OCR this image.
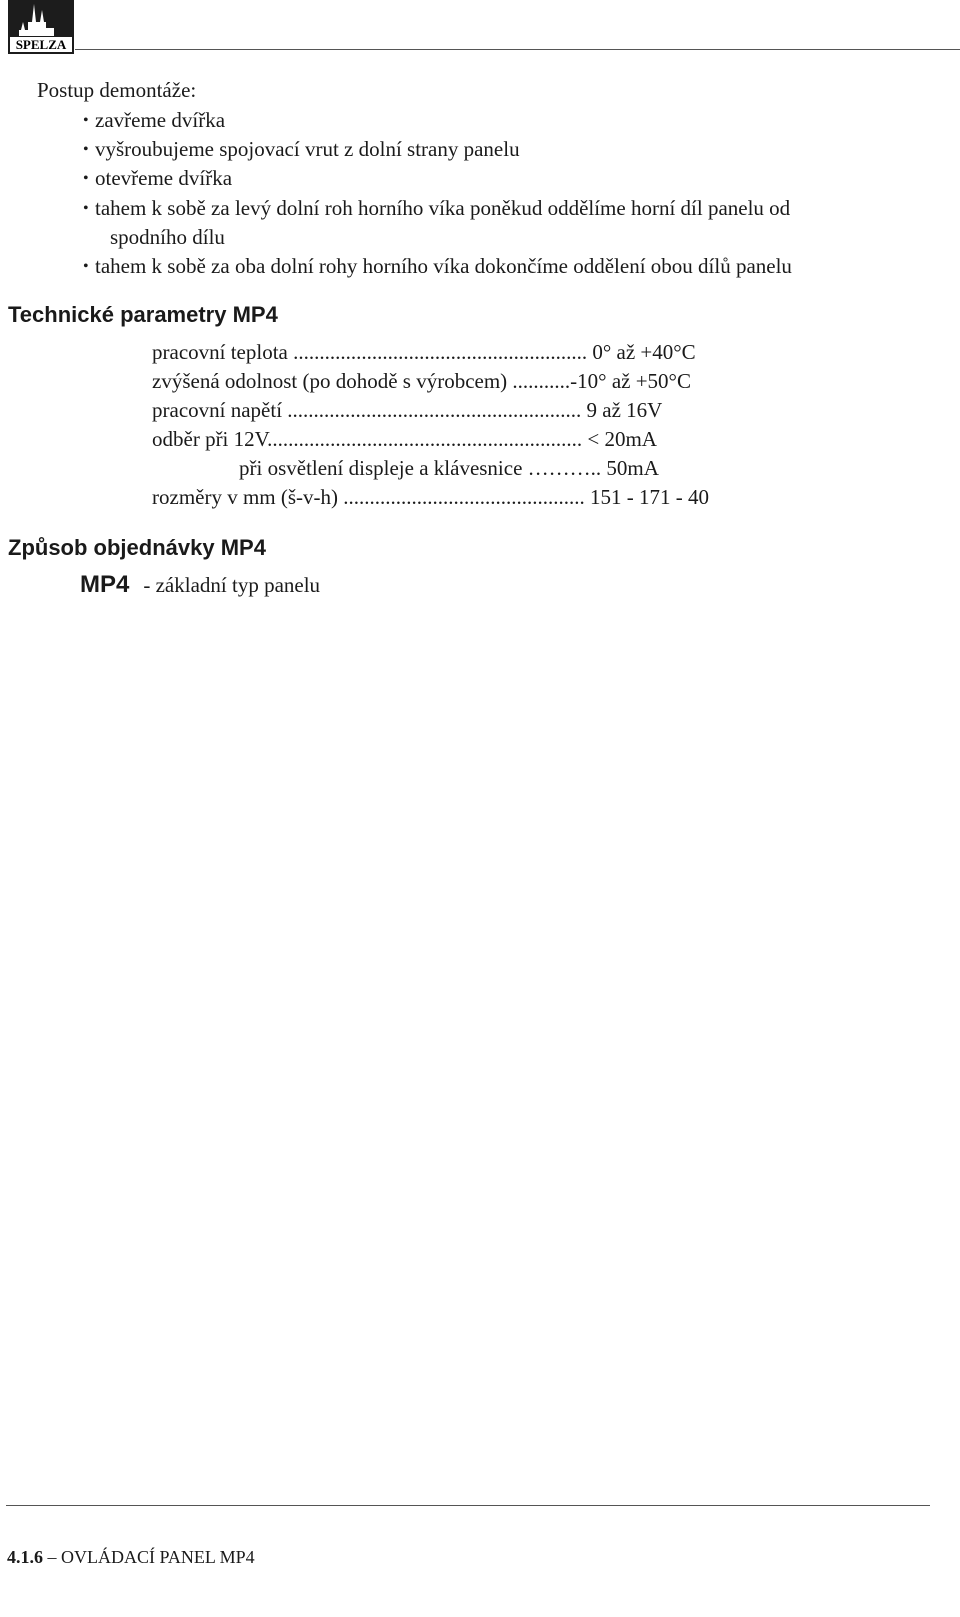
SPELZA
Postup demontáže:
• zavřeme dvířka
• vyšroubujeme spojovací vrut z dolní strany panelu
• otevřeme dvířka
• tahem k sobě za levý dolní roh horního víka poněkud oddělíme horní díl panelu od
spodního dílu
• tahem k sobě za oba dolní rohy horního víka dokončíme oddělení obou dílů panelu
Technické parametry MP4
pracovní teplota ........................................................ 0° až +40°C
zvýšená odolnost (po dohodě s výrobcem) ...........-10° až +50°C
pracovní napětí ........................................................ 9 až 16V
odběr při 12V............................................................ < 20mA
při osvětlení displeje a klávesnice ……….. 50mA
rozměry v mm (š-v-h) .............................................. 151 - 171 - 40
Způsob objednávky MP4
MP4 - základní typ panelu
4.1.6 – OVLÁDACÍ PANEL MP4
